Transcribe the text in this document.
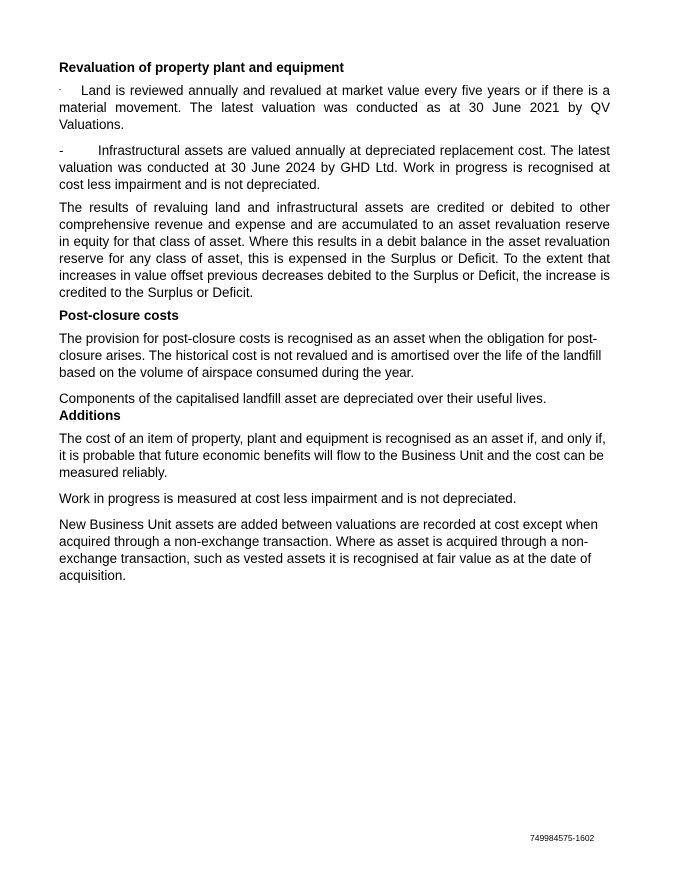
Revaluation of property plant and equipment

- Land is reviewed annually and revalued at market value every five years or if there is a material movement. The latest valuation was conducted as at 30 June 2021 by QV Valuations.

-	Infrastructural assets are valued annually at depreciated replacement cost. The latest valuation was conducted at 30 June 2024 by GHD Ltd. Work in progress is recognised at cost less impairment and is not depreciated.

The results of revaluing land and infrastructural assets are credited or debited to other comprehensive revenue and expense and are accumulated to an asset revaluation reserve in equity for that class of asset. Where this results in a debit balance in the asset revaluation reserve for any class of asset, this is expensed in the Surplus or Deficit. To the extent that increases in value offset previous decreases debited to the Surplus or Deficit, the increase is credited to the Surplus or Deficit.

Post-closure costs

The provision for post-closure costs is recognised as an asset when the obligation for post-closure arises. The historical cost is not revalued and is amortised over the life of the landfill based on the volume of airspace consumed during the year.

Components of the capitalised landfill asset are depreciated over their useful lives.

Additions

The cost of an item of property, plant and equipment is recognised as an asset if, and only if, it is probable that future economic benefits will flow to the Business Unit and the cost can be measured reliably.

Work in progress is measured at cost less impairment and is not depreciated.

New Business Unit assets are added between valuations are recorded at cost except when acquired through a non-exchange transaction. Where as asset is acquired through a non-exchange transaction, such as vested assets it is recognised at fair value as at the date of acquisition.

749984575-1602
